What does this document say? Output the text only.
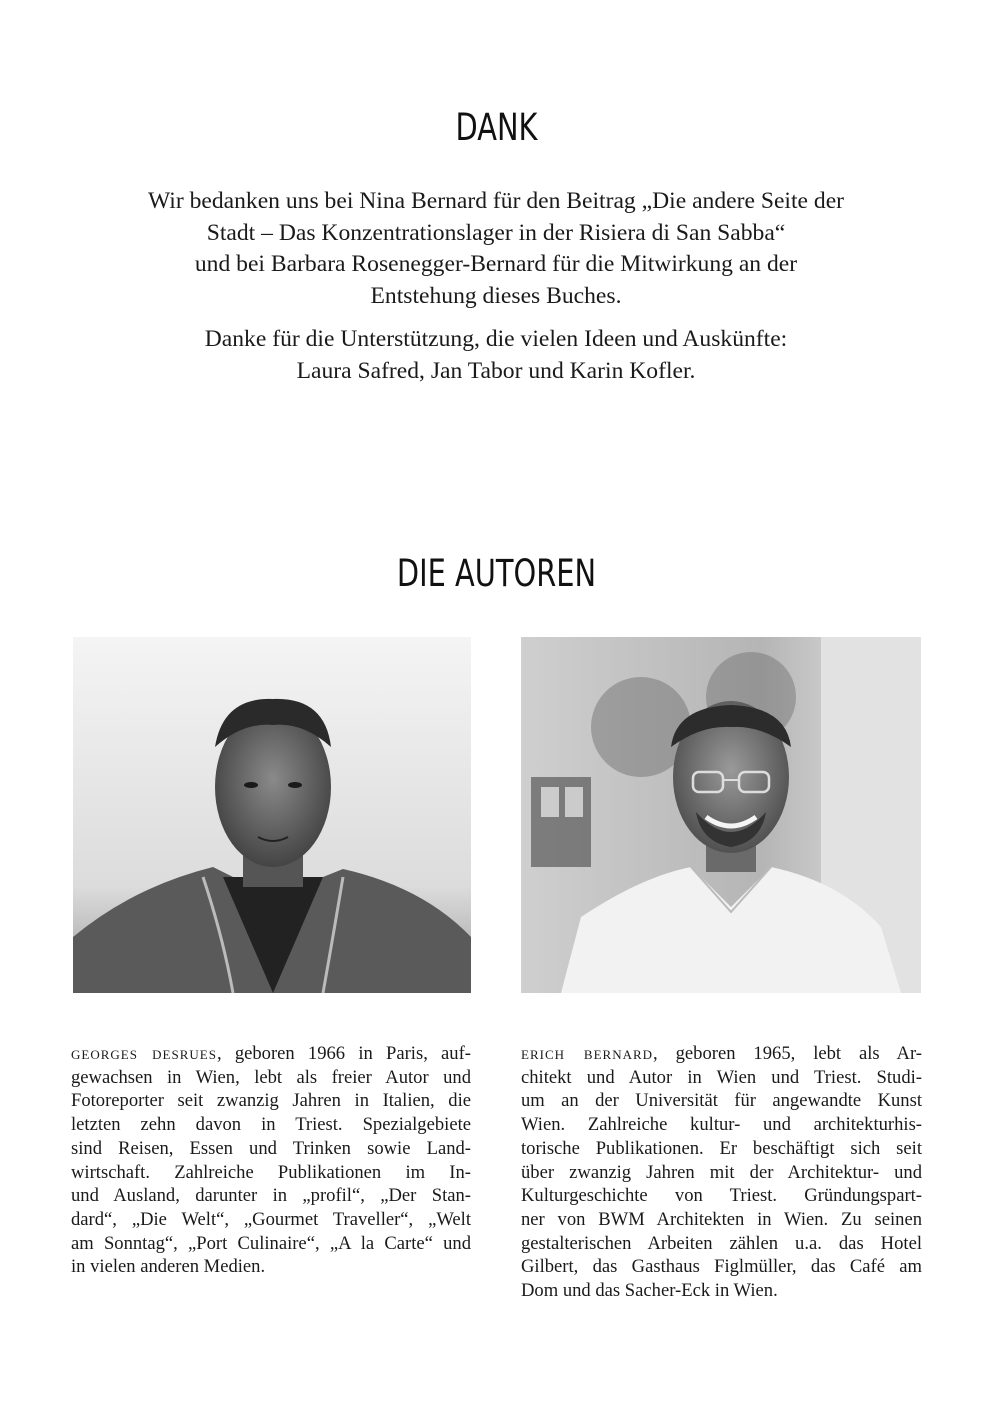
DANK

Wir bedanken uns bei Nina Bernard für den Beitrag „Die andere Seite der
Stadt – Das Konzentrationslager in der Risiera di San Sabba“
und bei Barbara Rosenegger-Bernard für die Mitwirkung an der
Entstehung dieses Buches.

Danke für die Unterstützung, die vielen Ideen und Auskünfte:
Laura Safred, Jan Tabor und Karin Kofler.

DIE AUTOREN
georges desrues, geboren 1966 in Paris, auf-
gewachsen in Wien, lebt als freier Autor und
Fotoreporter seit zwanzig Jahren in Italien, die
letzten zehn davon in Triest. Spezialgebiete
sind Reisen, Essen und Trinken sowie Land-
wirtschaft. Zahlreiche Publikationen im In-
und Ausland, darunter in „profil“, „Der Stan-
dard“, „Die Welt“, „Gourmet Traveller“, „Welt
am Sonntag“, „Port Culinaire“, „A la Carte“ und
in vielen anderen Medien.
erich bernard, geboren 1965, lebt als Ar-
chitekt und Autor in Wien und Triest. Studi-
um an der Universität für angewandte Kunst
Wien. Zahlreiche kultur- und architekturhis-
torische Publikationen. Er beschäftigt sich seit
über zwanzig Jahren mit der Architektur- und
Kulturgeschichte von Triest. Gründungspart-
ner von BWM Architekten in Wien. Zu seinen
gestalterischen Arbeiten zählen u.a. das Hotel
Gilbert, das Gasthaus Figlmüller, das Café am
Dom und das Sacher-Eck in Wien.
